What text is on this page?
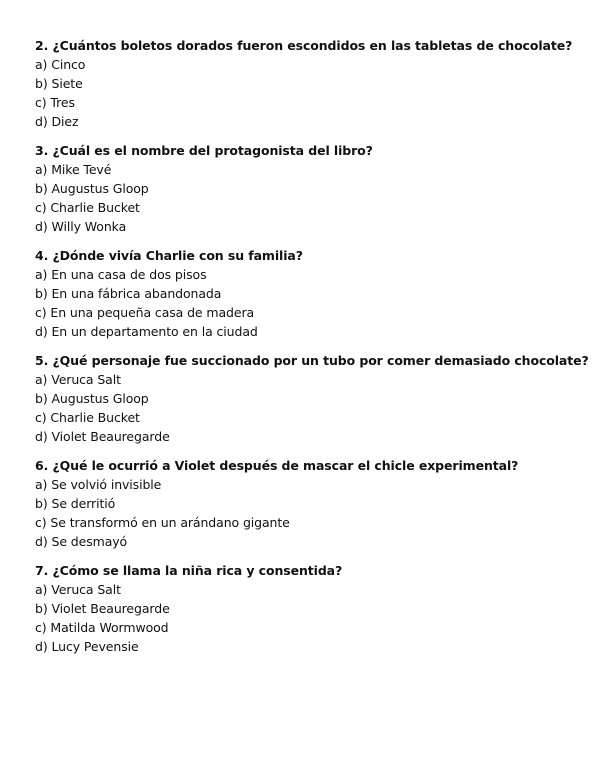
2. ¿Cuántos boletos dorados fueron escondidos en las tabletas de chocolate?
a) Cinco
b) Siete
c) Tres
d) Diez
3. ¿Cuál es el nombre del protagonista del libro?
a) Mike Tevé
b) Augustus Gloop
c) Charlie Bucket
d) Willy Wonka
4. ¿Dónde vivía Charlie con su familia?
a) En una casa de dos pisos
b) En una fábrica abandonada
c) En una pequeña casa de madera
d) En un departamento en la ciudad
5. ¿Qué personaje fue succionado por un tubo por comer demasiado chocolate?
a) Veruca Salt
b) Augustus Gloop
c) Charlie Bucket
d) Violet Beauregarde
6. ¿Qué le ocurrió a Violet después de mascar el chicle experimental?
a) Se volvió invisible
b) Se derritió
c) Se transformó en un arándano gigante
d) Se desmayó
7. ¿Cómo se llama la niña rica y consentida?
a) Veruca Salt
b) Violet Beauregarde
c) Matilda Wormwood
d) Lucy Pevensie
